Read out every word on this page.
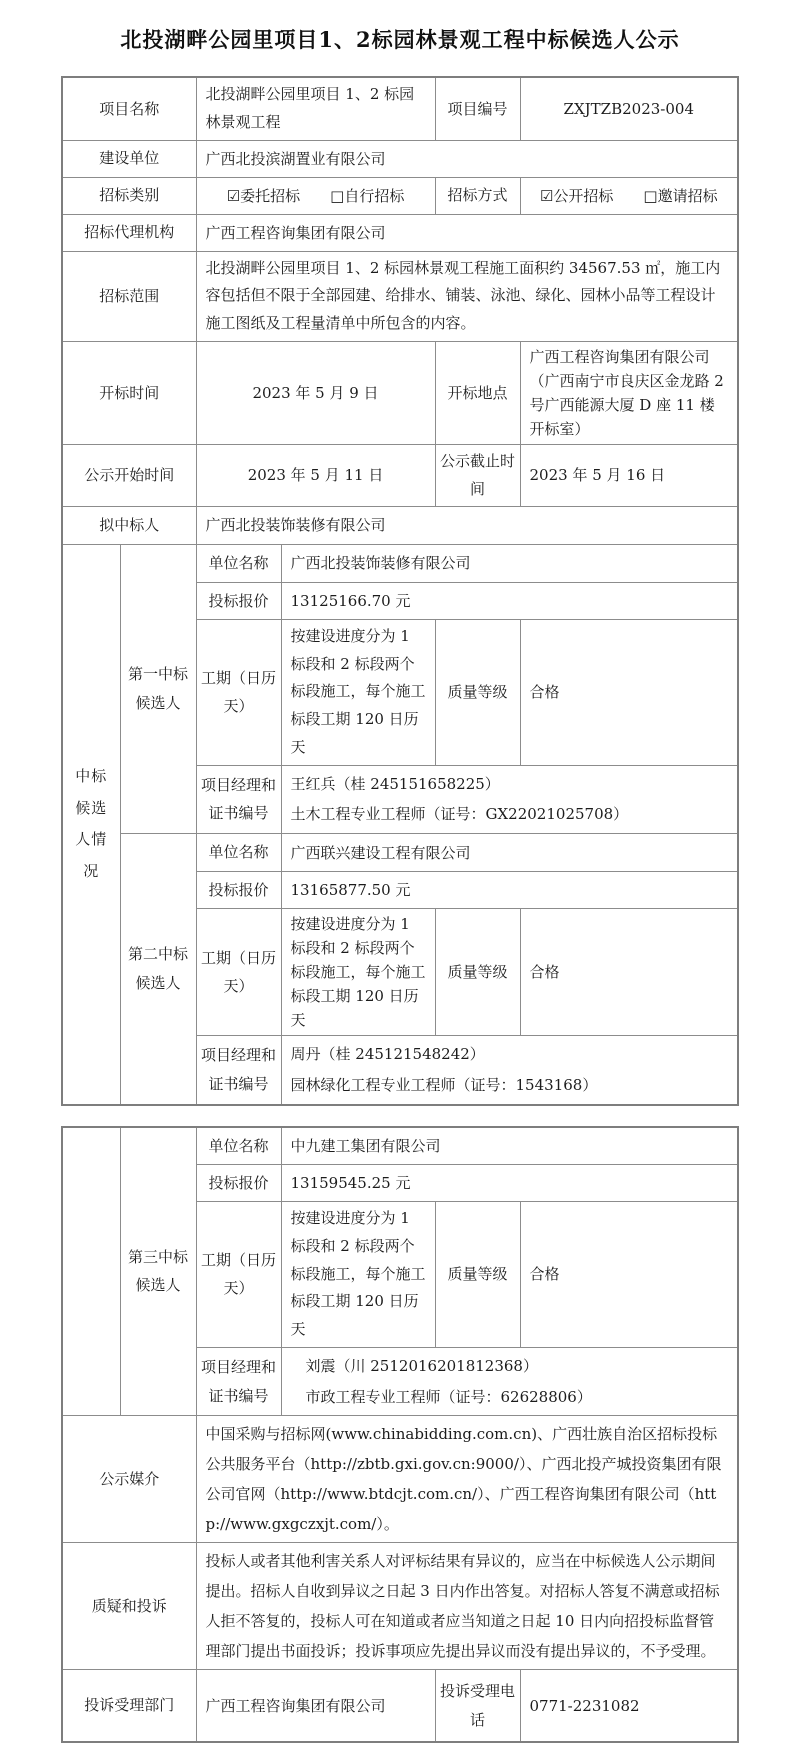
北投湖畔公园里项目1、2标园林景观工程中标候选人公示
项目名称		北投湖畔公园里项目 1、2 标园林景观工程		项目编号	ZXJTZB2023-004
建设单位		广西北投滨湖置业有限公司			
招标类别		☑委托招标 □自行招标		招标方式	☑公开招标 □邀请招标

招标代理机构		广西工程咨询集团有限公司			
招标范围		北投湖畔公园里项目 1、2 标园林景观工程施工面积约 34567.53 ㎡，施工内容包括但不限于全部园建、给排水、铺装、泳池、绿化、园林小品等工程设计施工图纸及工程量清单中所包含的内容。			
开标时间		2023 年 5 月 9 日		开标地点	广西工程咨询集团有限公司（广西南宁市良庆区金龙路 2 号广西能源大厦 D 座 11 楼开标室）
公示开始时间		2023 年 5 月 11 日		公示截止时间	2023 年 5 月 16 日
拟中标人		广西北投装饰装修有限公司			
中标候选人情况	第一中标候选人	单位名称	广西北投装饰装修有限公司		
		投标报价	13125166.70 元		
		工期（日历天）	按建设进度分为 1 标段和 2 标段两个标段施工，每个施工标段工期 120 日历天	质量等级	合格
		项目经理和证书编号	王红兵（桂 245151658225）
土木工程专业工程师（证号：GX22021025708）		

	第二中标候选人	单位名称	广西联兴建设工程有限公司		
		投标报价	13165877.50 元		
		工期（日历天）	按建设进度分为 1 标段和 2 标段两个标段施工，每个施工标段工期 120 日历天	质量等级	合格
		项目经理和证书编号	周丹（桂 245121548242）
园林绿化工程专业工程师（证号：1543168）		
	第三中标候选人	单位名称	中九建工集团有限公司		
		投标报价	13159545.25 元		
		工期（日历天）	按建设进度分为 1 标段和 2 标段两个标段施工，每个施工标段工期 120 日历天	质量等级	合格
		项目经理和证书编号	　刘震（川 2512016201812368）
　市政工程专业工程师（证号：62628806）		

公示媒介		中国采购与招标网(www.chinabidding.com.cn)、广西壮族自治区招标投标公共服务平台（http://zbtb.gxi.gov.cn:9000/）、广西北投产城投资集团有限公司官网（http://www.btdcjt.com.cn/）、广西工程咨询集团有限公司（http://www.gxgczxjt.com/）。			
质疑和投诉		投标人或者其他利害关系人对评标结果有异议的，应当在中标候选人公示期间提出。招标人自收到异议之日起 3 日内作出答复。对招标人答复不满意或招标人拒不答复的，投标人可在知道或者应当知道之日起 10 日内向招投标监督管理部门提出书面投诉；投诉事项应先提出异议而没有提出异议的，不予受理。			
投诉受理部门		广西工程咨询集团有限公司		投诉受理电话	0771-2231082
